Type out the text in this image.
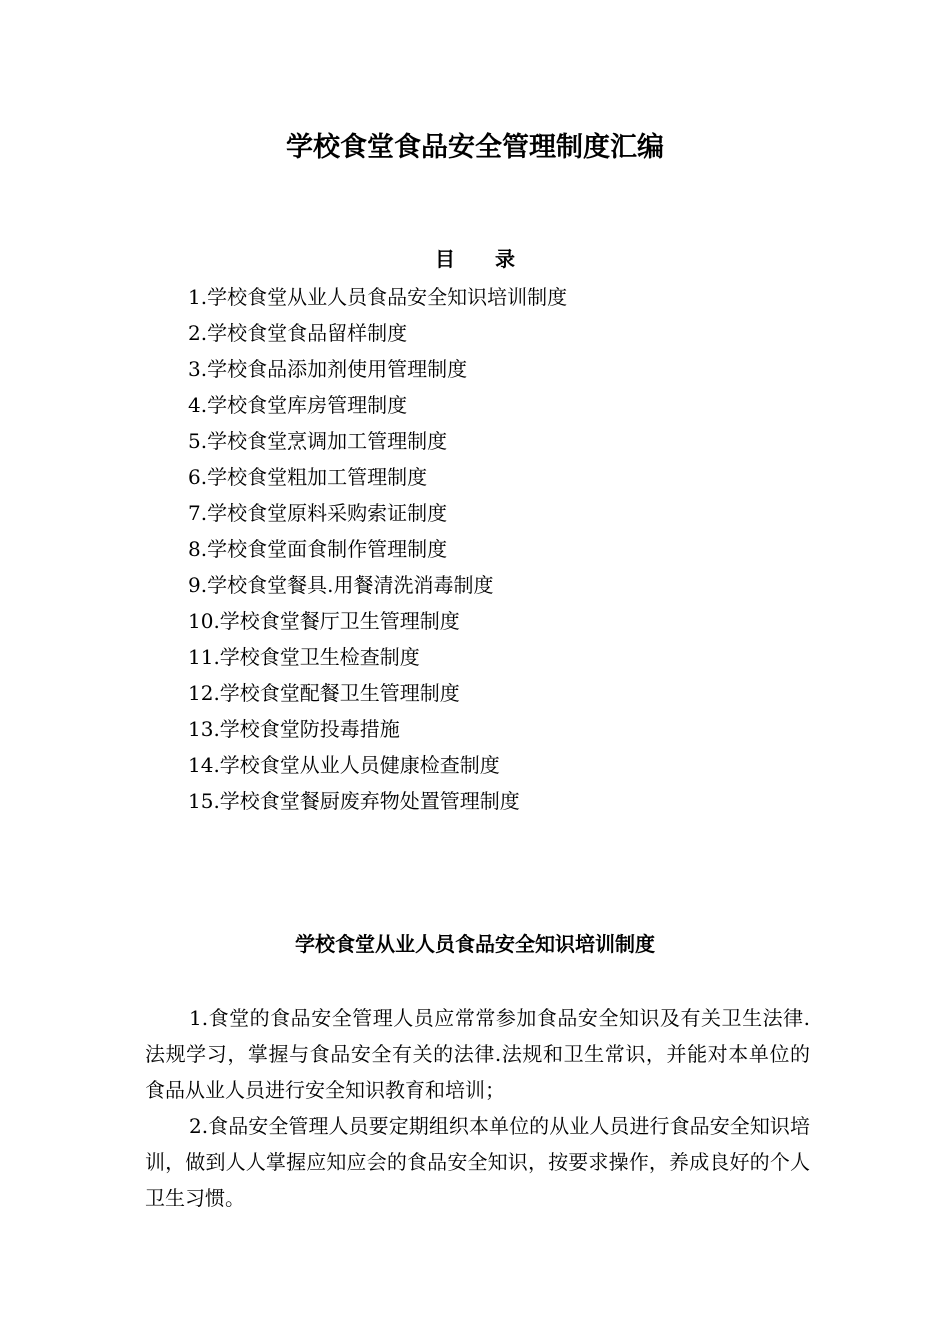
学校食堂食品安全管理制度汇编
目 录
1.学校食堂从业人员食品安全知识培训制度
2.学校食堂食品留样制度
3.学校食品添加剂使用管理制度
4.学校食堂库房管理制度
5.学校食堂烹调加工管理制度
6.学校食堂粗加工管理制度
7.学校食堂原料采购索证制度
8.学校食堂面食制作管理制度
9.学校食堂餐具.用餐清洗消毒制度
10.学校食堂餐厅卫生管理制度
11.学校食堂卫生检查制度
12.学校食堂配餐卫生管理制度
13.学校食堂防投毒措施
14.学校食堂从业人员健康检查制度
15.学校食堂餐厨废弃物处置管理制度
学校食堂从业人员食品安全知识培训制度

1.食堂的食品安全管理人员应常常参加食品安全知识及有关卫生法律.法规学习，掌握与食品安全有关的法律.法规和卫生常识，并能对本单位的食品从业人员进行安全知识教育和培训；

2.食品安全管理人员要定期组织本单位的从业人员进行食品安全知识培训，做到人人掌握应知应会的食品安全知识，按要求操作，养成良好的个人卫生习惯。
